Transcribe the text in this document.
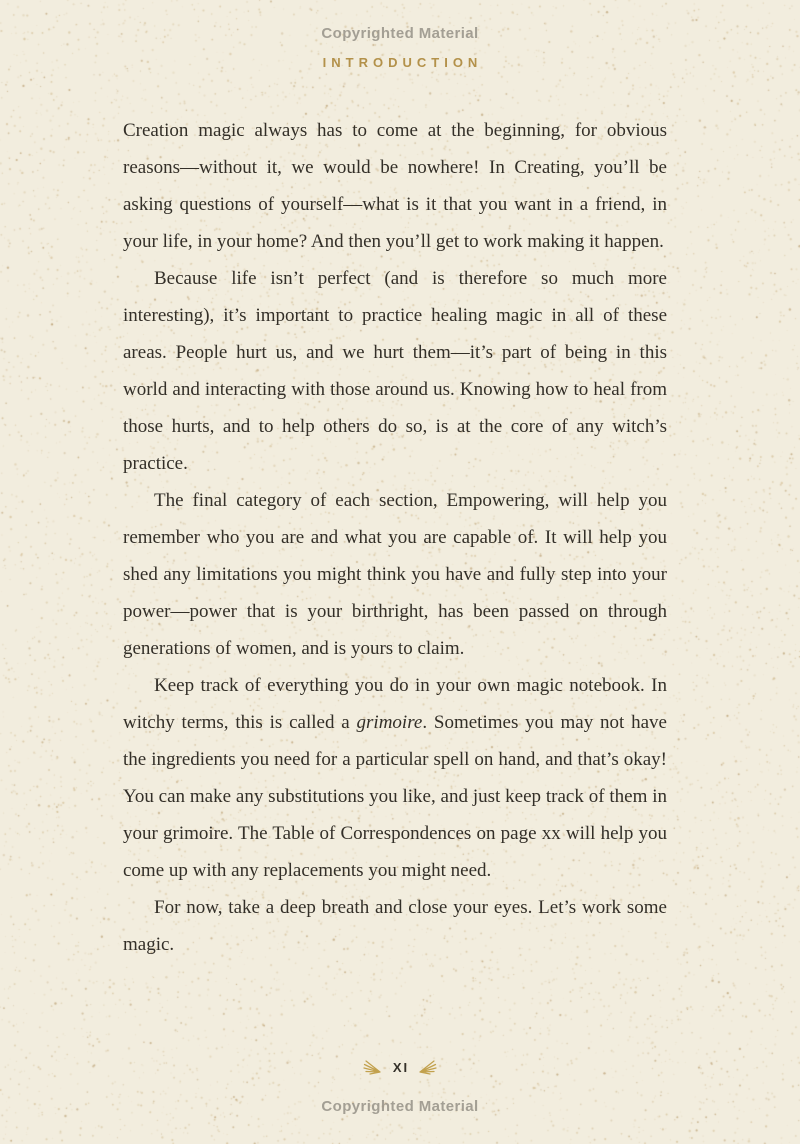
Copyrighted Material
INTRODUCTION

Creation magic always has to come at the beginning, for obvious reasons—without it, we would be nowhere! In Creating, you’ll be asking questions of yourself—what is it that you want in a friend, in your life, in your home? And then you’ll get to work making it happen.

Because life isn’t perfect (and is therefore so much more interesting), it’s important to practice healing magic in all of these areas. People hurt us, and we hurt them—it’s part of being in this world and interacting with those around us. Knowing how to heal from those hurts, and to help others do so, is at the core of any witch’s practice.

The final category of each section, Empowering, will help you remember who you are and what you are capable of. It will help you shed any limitations you might think you have and fully step into your power—power that is your birthright, has been passed on through generations of women, and is yours to claim.

Keep track of everything you do in your own magic notebook. In witchy terms, this is called a grimoire. Sometimes you may not have the ingredients you need for a particular spell on hand, and that’s okay! You can make any substitutions you like, and just keep track of them in your grimoire. The Table of Correspondences on page xx will help you come up with any replacements you might need.

For now, take a deep breath and close your eyes. Let’s work some magic.

XI
Copyrighted Material
